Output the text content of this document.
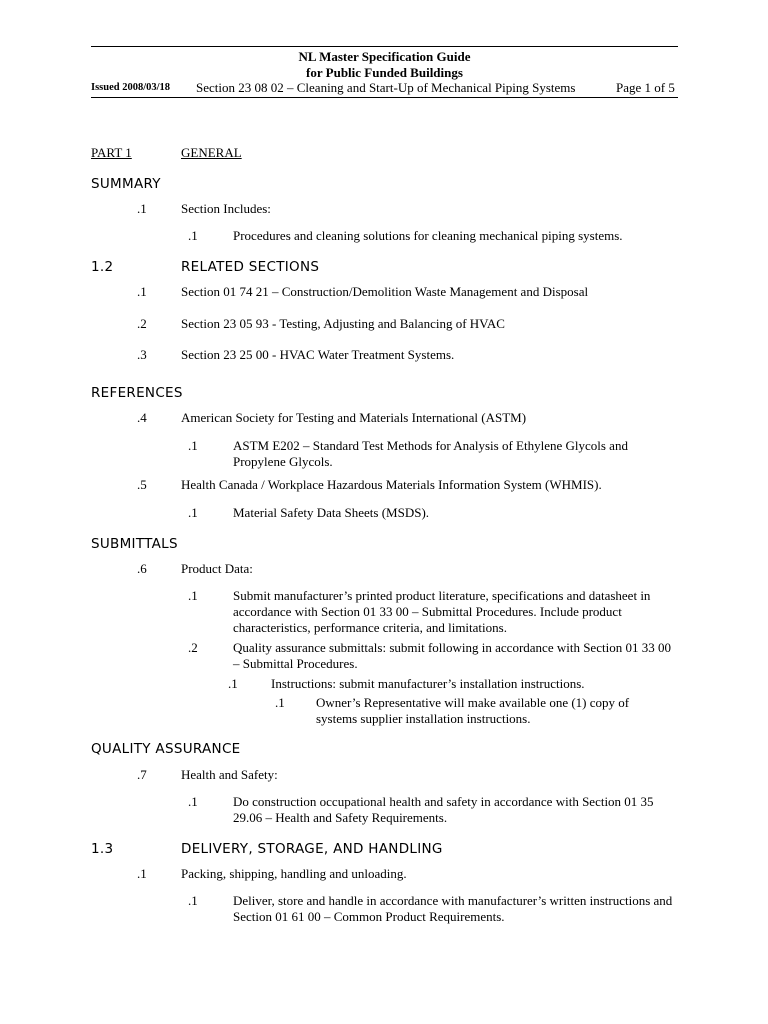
NL Master Specification Guide
for Public Funded Buildings
Issued 2008/03/18 Section 23 08 02 – Cleaning and Start-Up of Mechanical Piping Systems	Page 1 of 5
PART 1	GENERAL
SUMMARY
.1	Section Includes:
.1	Procedures and cleaning solutions for cleaning mechanical piping systems.
1.2	RELATED SECTIONS
.1	Section 01 74 21 – Construction/Demolition Waste Management and Disposal
.2	Section 23 05 93 - Testing, Adjusting and Balancing of HVAC
.3	Section 23 25 00 - HVAC Water Treatment Systems.
REFERENCES
.4	American Society for Testing and Materials International (ASTM)
.1	ASTM E202 – Standard Test Methods for Analysis of Ethylene Glycols and Propylene Glycols.
.5	Health Canada / Workplace Hazardous Materials Information System (WHMIS).
.1	Material Safety Data Sheets (MSDS).
SUBMITTALS
.6	Product Data:
.1	Submit manufacturer’s printed product literature, specifications and datasheet in accordance with Section 01 33 00 – Submittal Procedures. Include product characteristics, performance criteria, and limitations.
.2	Quality assurance submittals: submit following in accordance with Section 01 33 00 – Submittal Procedures.
.1	Instructions: submit manufacturer’s installation instructions.
.1 Owner’s Representative will make available one (1) copy of systems supplier installation instructions.
QUALITY ASSURANCE
.7	Health and Safety:
.1	Do construction occupational health and safety in accordance with Section 01 35 29.06 – Health and Safety Requirements.
1.3	DELIVERY, STORAGE, AND HANDLING
.1	Packing, shipping, handling and unloading.
.1	Deliver, store and handle in accordance with manufacturer’s written instructions and Section 01 61 00 – Common Product Requirements.
